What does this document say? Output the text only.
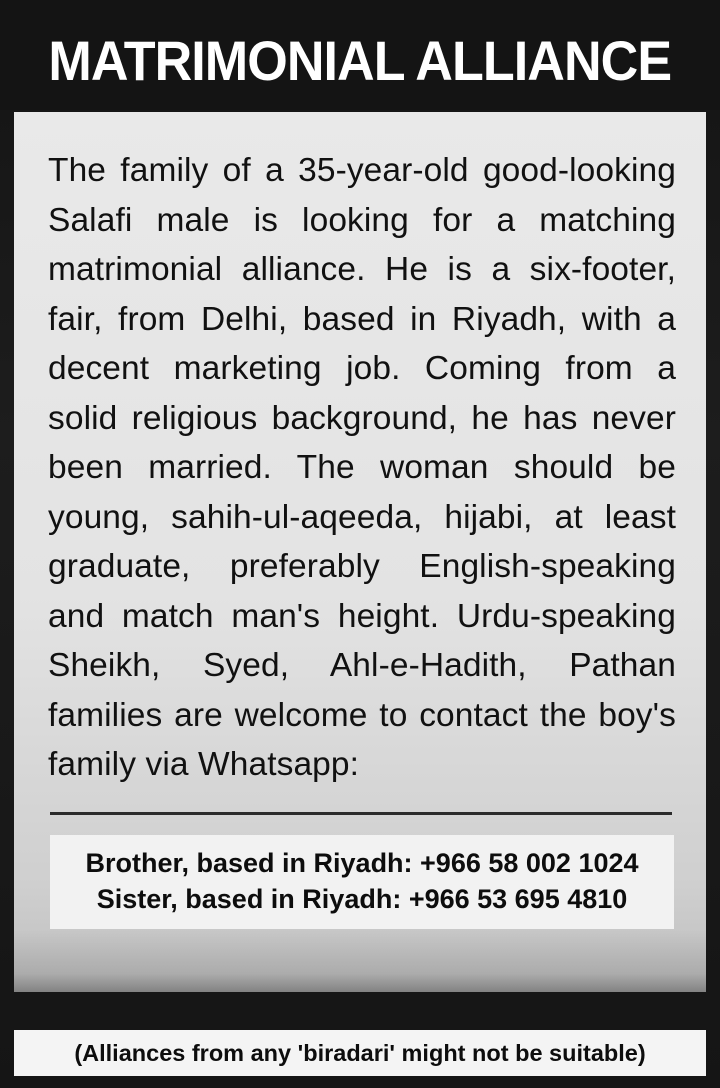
MATRIMONIAL ALLIANCE

The family of a 35-year-old good-looking Salafi male is looking for a matching matrimonial alliance. He is a six-footer, fair, from Delhi, based in Riyadh, with a decent marketing job. Coming from a solid religious background, he has never been married. The woman should be young, sahih-ul-aqeeda, hijabi, at least graduate, preferably English-speaking and match man's height. Urdu-speaking Sheikh, Syed, Ahl-e-Hadith, Pathan families are welcome to contact the boy's family via Whatsapp:

Brother, based in Riyadh: +966 58 002 1024
Sister, based in Riyadh: +966 53 695 4810
(Alliances from any 'biradari' might not be suitable)
